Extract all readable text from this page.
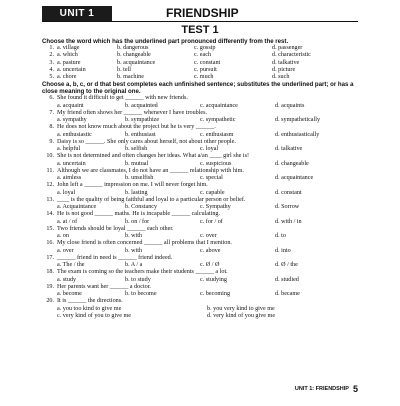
UNIT 1	FRIENDSHIP
TEST 1
Choose the word which has the underlined part pronounced differently from the rest.
1. a. village	b. dangerous	c. gossip	d. passenger
2. a. which	b. changeable	c. each	d. characteristic
3. a. pasture	b. acquaintance	c. constant	d. talkative
4. a. uncertain	b. tell	c. pursuit	d. picture
5. a. chore	b. machine	c. much	d. such
Choose a, b, c, or d that best completes each unfinished sentence; substitutes the underlined part; or has a close meaning to the original one.
6. She found it difficult to get ______ with new friends.
a. acquaint	b. acquainted	c. acquaintance	d. acquaints
7. My friend often shows her ______ whenever I have troubles.
a. sympathy	b. sympathize	c. sympathetic	d. sympathetically
8. He does not know much about the project but he is very ______.
a. enthusiastic	b. enthusiast	c. enthusiasm	d. enthusiastically
9. Daisy is so ______. She only cares about herself, not about other people.
a. helpful	b. selfish	c. loyal	d. talkative
10. She is not determined and often changes her ideas. What a/an ____ girl she is!
a. uncertain	b. mutual	c. suspicious	d. changeable
11. Although we are classmates, I do not have an ______ relationship with him.
a. aimless	b. unselfish	c. special	d. acquaintance
12. John left a ______ impression on me. I will never forget him.
a. loyal	b. lasting	c. capable	d. constant
13. ____ is the quality of being faithful and loyal to a particular person or belief.
a. Acquaintance	b. Constancy	c. Sympathy	d. Sorrow
14. He is not good ______ maths. He is incapable ______ calculating.
a. at / of	b. on / for	c. for / of	d. with / in
15. Two friends should be loyal ______ each other.
a. on	b. with	c. over	d. to
16. My close friend is often concerned ______ all problems that I mention.
a. over	b. with	c. above	d. into
17. ______ friend in need is ______ friend indeed.
a. The / the	b. A / a	c. Ø / Ø	d. Ø / the
18. The exam is coming so the teachers make their students ______ a lot.
a. study	b. to study	c. studying	d. studied
19. Her parents want her ______ a doctor.
a. become	b. to become	c. becoming	d. became
20. It is ______ the directions.
a. you too kind to give me	b. you very kind to give me
c. very kind of you to give me	d. very kind of you give me
UNIT 1: FRIENDSHIP 5
